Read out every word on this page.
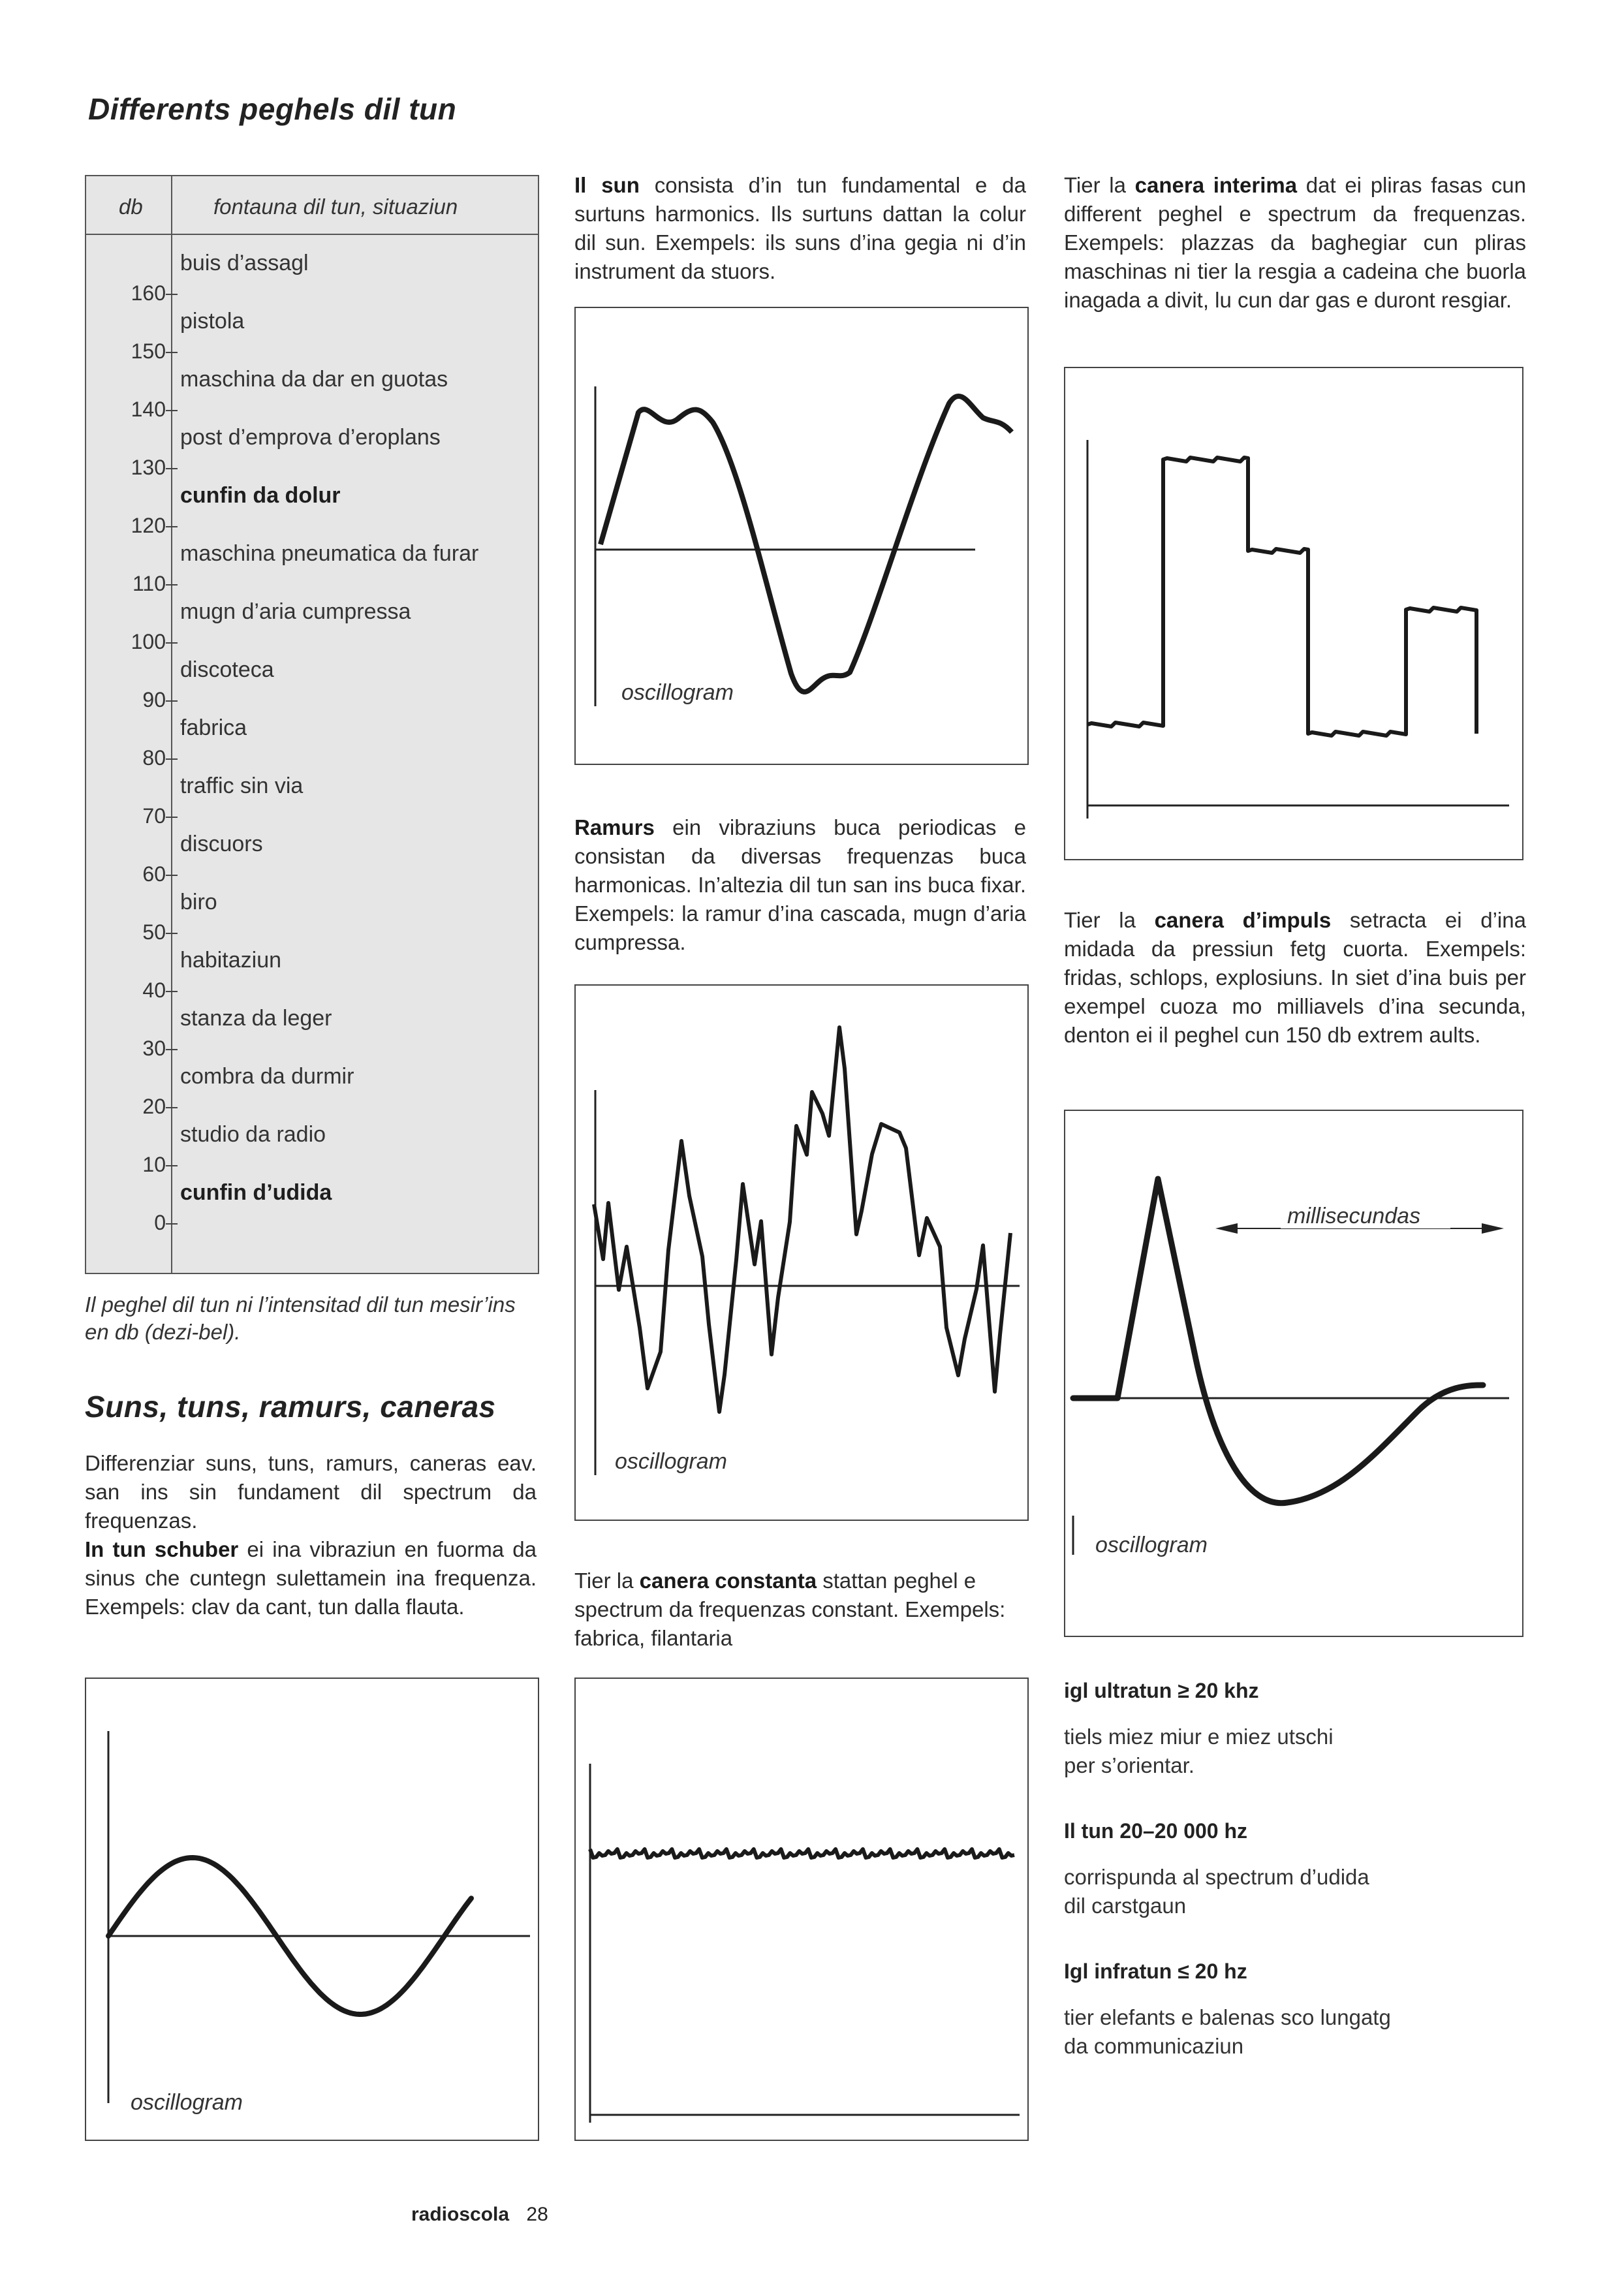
Differents peghels dil tun
db	fontauna dil tun, situaziun
160
150
140
130
120
110
100
90
80
70
60
50
40
30
20
10
0
buis d’assagl
pistola
maschina da dar en guotas
post d’emprova d’eroplans
cunfin da dolur
maschina pneumatica da furar
mugn d’aria cumpressa
discoteca
fabrica
traffic sin via
discuors
biro
habitaziun
stanza da leger
combra da durmir
studio da radio
cunfin d’udida
Il peghel dil tun ni l’intensitad dil tun mesir’ins en db (dezi-bel).
Suns, tuns, ramurs, caneras
Differenziar suns, tuns, ramurs, caneras eav. san ins sin fundament dil spectrum da frequenzas.
In tun schuber ei ina vibraziun en fuorma da sinus che cuntegn sulettamein ina frequenza. Exempels: clav da cant, tun dalla flauta.
oscillogram
Il sun consista d’in tun fundamental e da surtuns harmonics. Ils surtuns dattan la colur dil sun. Exempels: ils suns d’ina gegia ni d’in instrument da stuors.
oscillogram
Ramurs ein vibraziuns buca periodicas e consistan da diversas frequenzas buca harmonicas. In’altezia dil tun san ins buca fixar. Exempels: la ramur d’ina cascada, mugn d’aria cumpressa.
oscillogram
Tier la canera constanta stattan peghel e spectrum da frequenzas constant. Exempels: fabrica, filantaria
Tier la canera interima dat ei pliras fasas cun different peghel e spectrum da frequenzas. Exempels: plazzas da baghegiar cun pliras maschinas ni tier la resgia a cadeina che buorla inagada a divit, lu cun dar gas e duront resgiar.
Tier la canera d’impuls setracta ei d’ina midada da pressiun fetg cuorta. Exempels: fridas, schlops, explosiuns. In siet d’ina buis per exempel cuoza mo milliavels d’ina secunda, denton ei il peghel cun 150 db extrem aults.
millisecundas
oscillogram
igl ultratun ≥ 20 khz
tiels miez miur e miez utschi
per s’orientar.
Il tun 20–20 000 hz
corrispunda al spectrum d’udida
dil carstgaun
Igl infratun ≤ 20 hz
tier elefants e balenas sco lungatg
da communicaziun
radioscola 28
